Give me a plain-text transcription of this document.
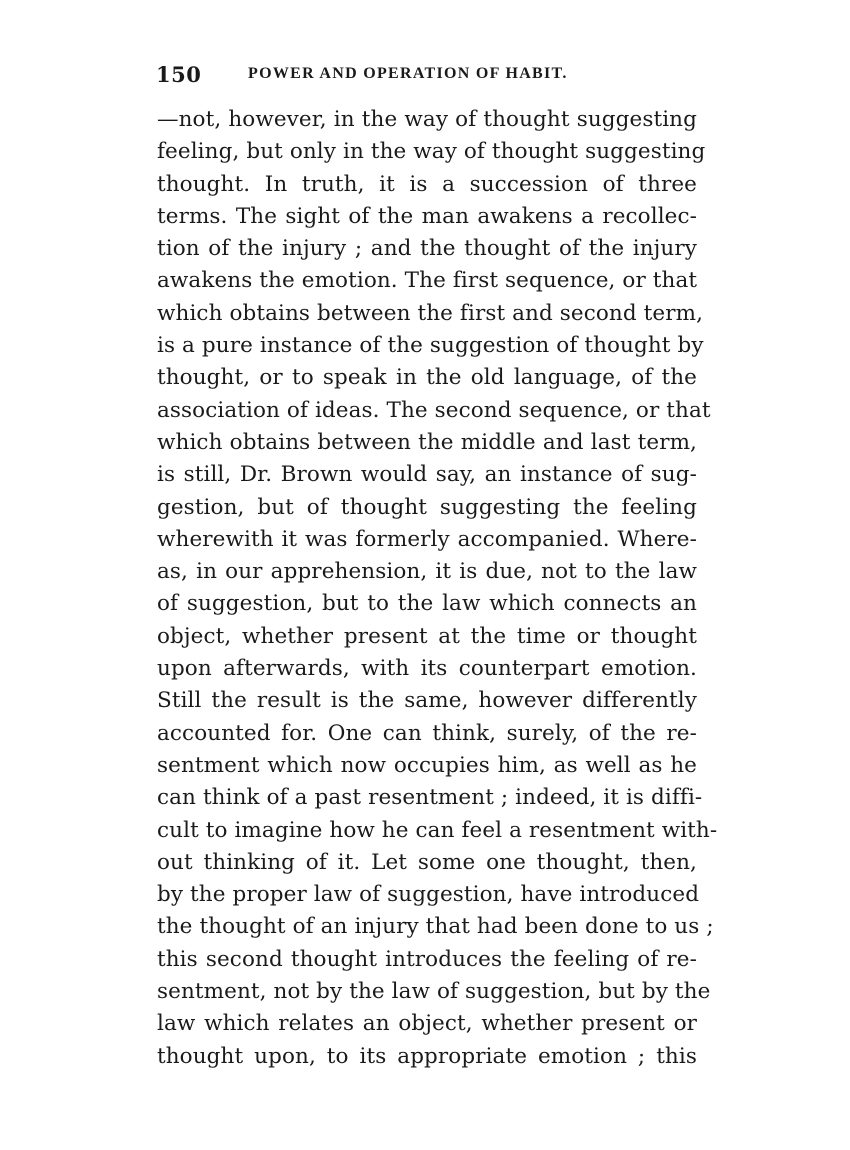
150	POWER AND OPERATION OF HABIT.
—not, however, in the way of thought suggesting
feeling, but only in the way of thought suggesting
thought. In truth, it is a succession of three
terms. The sight of the man awakens a recollec-
tion of the injury ; and the thought of the injury
awakens the emotion. The first sequence, or that
which obtains between the first and second term,
is a pure instance of the suggestion of thought by
thought, or to speak in the old language, of the
association of ideas. The second sequence, or that
which obtains between the middle and last term,
is still, Dr. Brown would say, an instance of sug-
gestion, but of thought suggesting the feeling
wherewith it was formerly accompanied. Where-
as, in our apprehension, it is due, not to the law
of suggestion, but to the law which connects an
object, whether present at the time or thought
upon afterwards, with its counterpart emotion.
Still the result is the same, however differently
accounted for. One can think, surely, of the re-
sentment which now occupies him, as well as he
can think of a past resentment ; indeed, it is diffi-
cult to imagine how he can feel a resentment with-
out thinking of it. Let some one thought, then,
by the proper law of suggestion, have introduced
the thought of an injury that had been done to us ;
this second thought introduces the feeling of re-
sentment, not by the law of suggestion, but by the
law which relates an object, whether present or
thought upon, to its appropriate emotion ; this
